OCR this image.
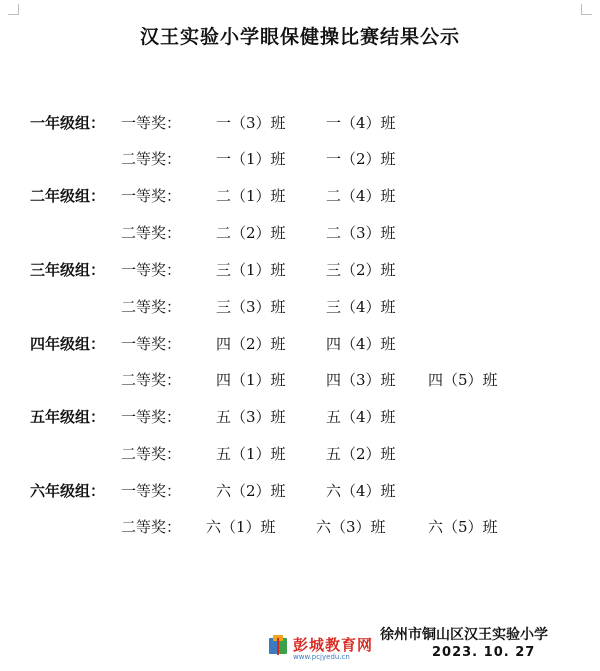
汉王实验小学眼保健操比赛结果公示
一年级组： 一等奖： 一（3）班	一（4）班
二等奖： 一（1）班	一（2）班
二年级组： 一等奖： 二（1）班	二（4）班
二等奖： 二（2）班	二（3）班
三年级组： 一等奖： 三（1）班	三（2）班
二等奖： 三（3）班	三（4）班
四年级组： 一等奖： 四（2）班	四（4）班
二等奖： 四（1）班	四（3）班 四（5）班
五年级组： 一等奖： 五（3）班	五（4）班
二等奖： 五（1）班	五（2）班
六年级组： 一等奖： 六（2）班	六（4）班
二等奖： 六（1）班	六（3）班	六（5）班
彭城教育网
www.pcjyedu.cn
徐州市铜山区汉王实验小学
2023. 10. 27
